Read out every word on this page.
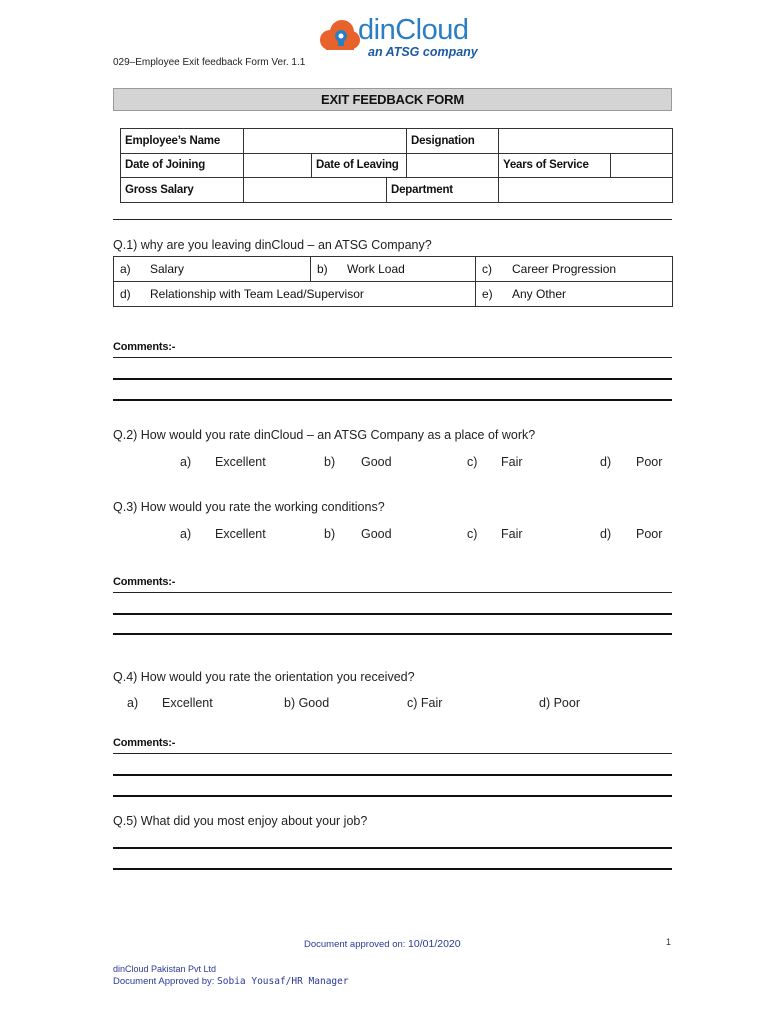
dinCloud
an ATSG company
029–Employee Exit feedback Form Ver. 1.1
EXIT FEEDBACK FORM
Employee’s Name				Designation		
Date of Joining		Date of Leaving			Years of Service	
Gross Salary			Department			
Q.1) why are you leaving dinCloud – an ATSG Company?
a) Salary	b) Work Load	c) Career Progression
d) Relationship with Team Lead/Supervisor		e) Any Other
Comments:-
Q.2) How would you rate dinCloud – an ATSG Company as a place of work?
a) Excellent	b) Good	c) Fair	d) Poor
Q.3) How would you rate the working conditions?
a) Excellent	b) Good	c) Fair	d) Poor
Comments:-
Q.4) How would you rate the orientation you received?
a) Excellent	b) Good	c) Fair	d) Poor
Comments:-
Q.5) What did you most enjoy about your job?
Document approved on: 10/01/2020	1
dinCloud Pakistan Pvt Ltd
Document Approved by: Sobia Yousaf/HR Manager
